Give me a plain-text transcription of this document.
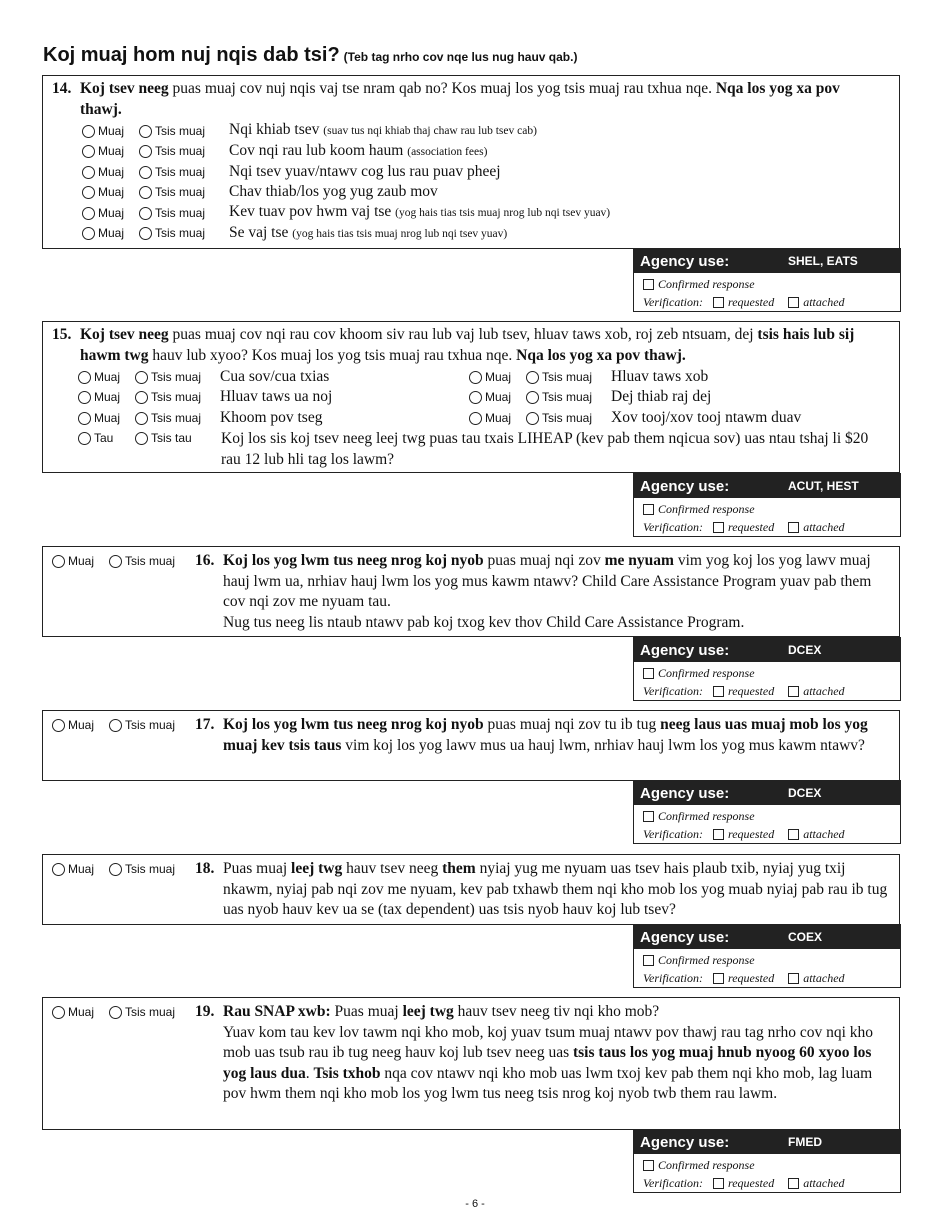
Koj muaj hom nuj nqis dab tsi? (Teb tag nrho cov nqe lus nug hauv qab.)
14. Koj tsev neeg puas muaj cov nuj nqis vaj tse nram qab no? Kos muaj los yog tsis muaj rau txhua nqe. Nqa los yog xa pov thawj.
Muaj	Tsis muaj Nqi khiab tsev (suav tus nqi khiab thaj chaw rau lub tsev cab)
Muaj	Tsis muaj Cov nqi rau lub koom haum (association fees)
Muaj	Tsis muaj Nqi tsev yuav/ntawv cog lus rau puav pheej
Muaj	Tsis muaj Chav thiab/los yog yug zaub mov
Muaj	Tsis muaj Kev tuav pov hwm vaj tse (yog hais tias tsis muaj nrog lub nqi tsev yuav)
Muaj	Tsis muaj Se vaj tse (yog hais tias tsis muaj nrog lub nqi tsev yuav)
Agency use:	SHEL, EATS
Confirmed response
Verification: requested attached
15. Koj tsev neeg puas muaj cov nqi rau cov khoom siv rau lub vaj lub tsev, hluav taws xob, roj zeb ntsuam, dej tsis hais lub sij hawm twg hauv lub xyoo? Kos muaj los yog tsis muaj rau txhua nqe. Nqa los yog xa pov thawj.
Muaj	Tsis muaj Cua sov/cua txias
Muaj	Tsis muaj Hluav taws ua noj
Muaj	Tsis muaj Khoom pov tseg
Muaj	Tsis muaj Hluav taws xob
Muaj	Tsis muaj Dej thiab raj dej
Muaj	Tsis muaj Xov tooj/xov tooj ntawm duav
Tau	Tsis tau Koj los sis koj tsev neeg leej twg puas tau txais LIHEAP (kev pab them nqicua sov) uas ntau tshaj li $20 rau 12 lub hli tag los lawm?
Agency use:	ACUT, HEST
Confirmed response
Verification: requested attached
Muaj	Tsis muaj 16. Koj los yog lwm tus neeg nrog koj nyob puas muaj nqi zov me nyuam vim yog koj los yog lawv muaj hauj lwm ua, nrhiav hauj lwm los yog mus kawm ntawv? Child Care Assistance Program yuav pab them cov nqi zov me nyuam tau.
Nug tus neeg lis ntaub ntawv pab koj txog kev thov Child Care Assistance Program.
Agency use:	DCEX
Confirmed response
Verification: requested attached
Muaj	Tsis muaj 17. Koj los yog lwm tus neeg nrog koj nyob puas muaj nqi zov tu ib tug neeg laus uas muaj mob los yog muaj kev tsis taus vim koj los yog lawv mus ua hauj lwm, nrhiav hauj lwm los yog mus kawm ntawv?
Agency use:	DCEX
Confirmed response
Verification: requested attached
Muaj	Tsis muaj 18. Puas muaj leej twg hauv tsev neeg them nyiaj yug me nyuam uas tsev hais plaub txib, nyiaj yug txij nkawm, nyiaj pab nqi zov me nyuam, kev pab txhawb them nqi kho mob los yog muab nyiaj pab rau ib tug uas nyob hauv kev ua se (tax dependent) uas tsis nyob hauv koj lub tsev?
Agency use:	COEX
Confirmed response
Verification: requested attached
Muaj	Tsis muaj 19. Rau SNAP xwb: Puas muaj leej twg hauv tsev neeg tiv nqi kho mob?
Yuav kom tau kev lov tawm nqi kho mob, koj yuav tsum muaj ntawv pov thawj rau tag nrho cov nqi kho mob uas tsub rau ib tug neeg hauv koj lub tsev neeg uas tsis taus los yog muaj hnub nyoog 60 xyoo los yog laus dua. Tsis txhob nqa cov ntawv nqi kho mob uas lwm txoj kev pab them nqi kho mob, lag luam pov hwm them nqi kho mob los yog lwm tus neeg tsis nrog koj nyob twb them rau lawm.
Agency use:	FMED
Confirmed response
Verification: requested attached
- 6 -
